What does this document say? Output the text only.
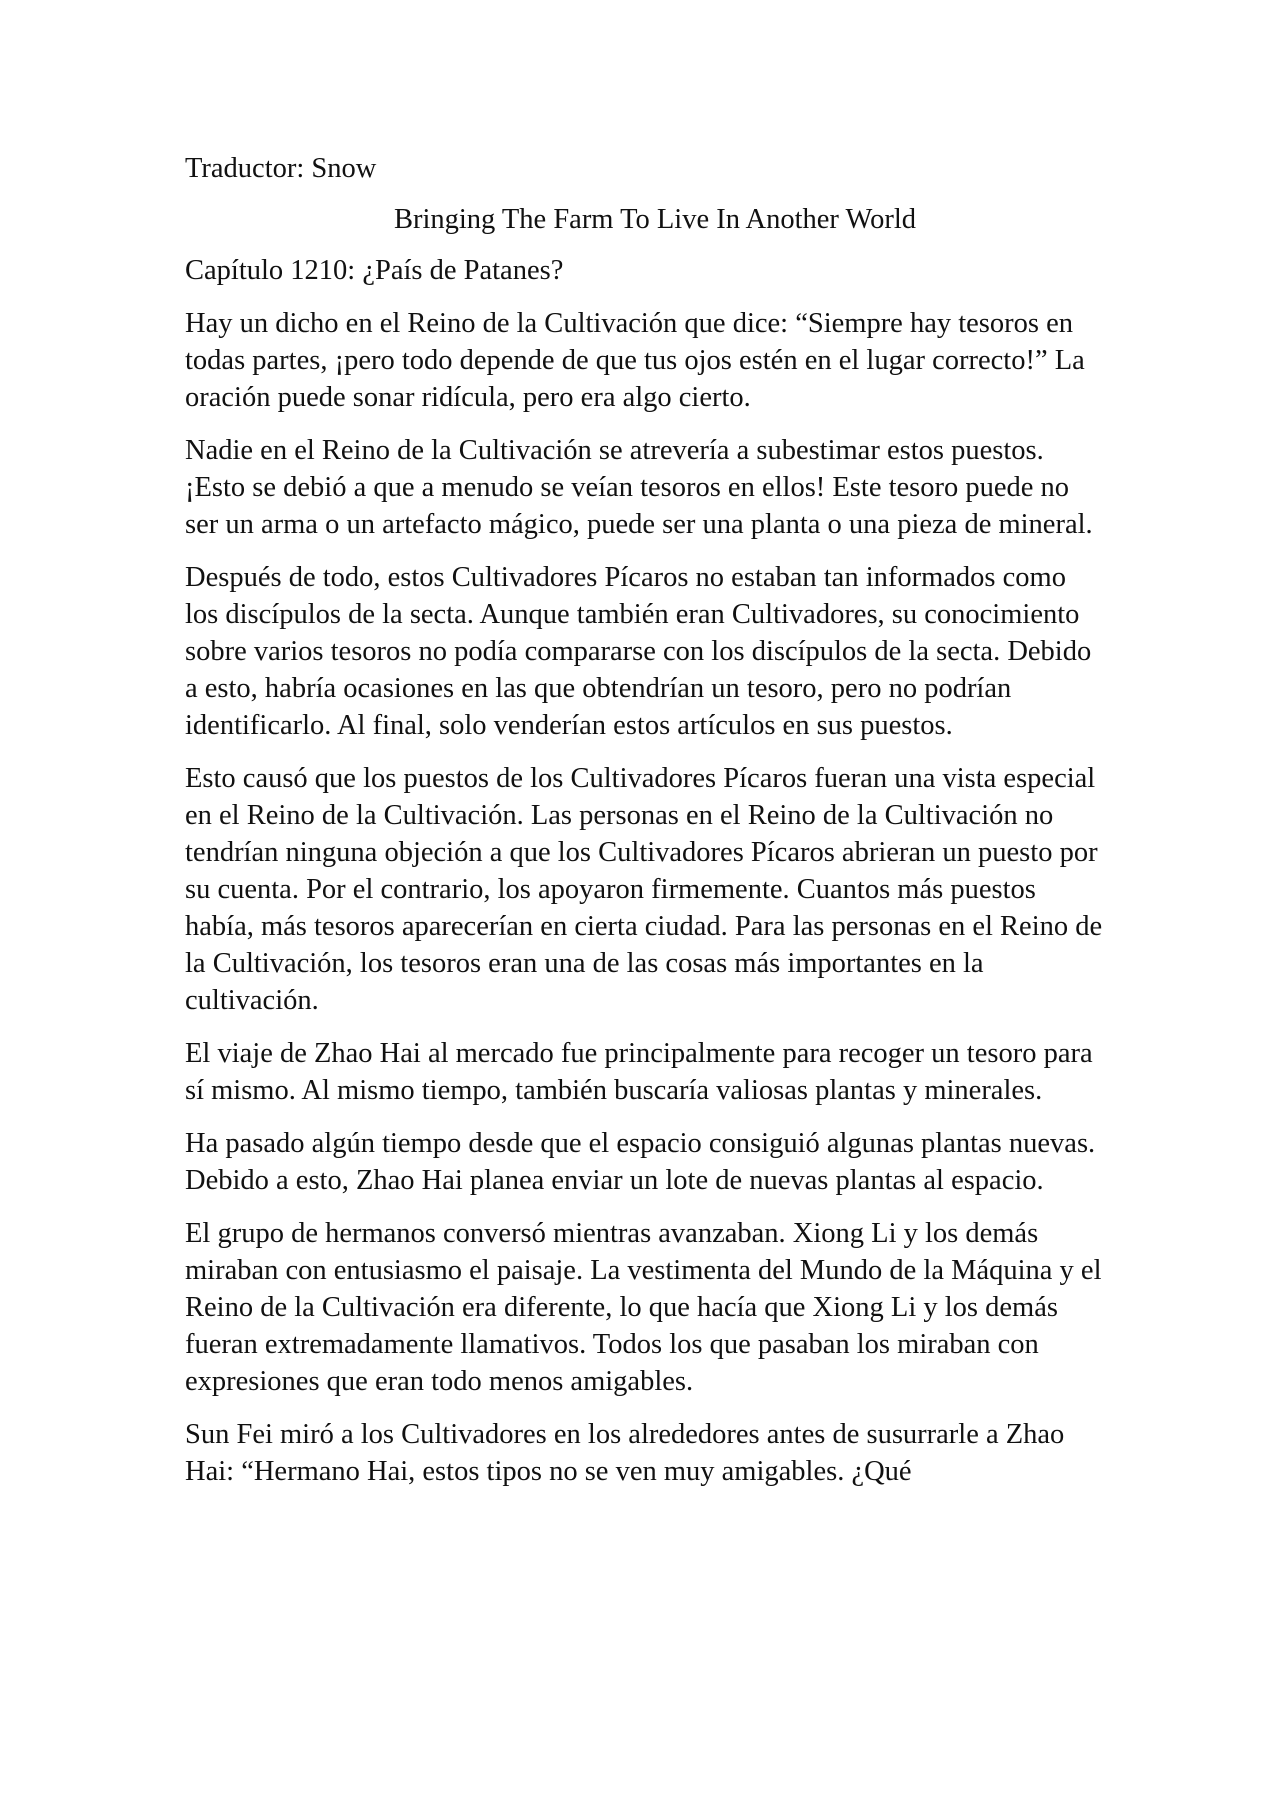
Traductor: Snow

Bringing The Farm To Live In Another World

Capítulo 1210: ¿País de Patanes?

Hay un dicho en el Reino de la Cultivación que dice: “Siempre hay tesoros en todas partes, ¡pero todo depende de que tus ojos estén en el lugar correcto!” La oración puede sonar ridícula, pero era algo cierto.

Nadie en el Reino de la Cultivación se atrevería a subestimar estos puestos. ¡Esto se debió a que a menudo se veían tesoros en ellos! Este tesoro puede no ser un arma o un artefacto mágico, puede ser una planta o una pieza de mineral.

Después de todo, estos Cultivadores Pícaros no estaban tan informados como los discípulos de la secta. Aunque también eran Cultivadores, su conocimiento sobre varios tesoros no podía compararse con los discípulos de la secta. Debido a esto, habría ocasiones en las que obtendrían un tesoro, pero no podrían identificarlo. Al final, solo venderían estos artículos en sus puestos.

Esto causó que los puestos de los Cultivadores Pícaros fueran una vista especial en el Reino de la Cultivación. Las personas en el Reino de la Cultivación no tendrían ninguna objeción a que los Cultivadores Pícaros abrieran un puesto por su cuenta. Por el contrario, los apoyaron firmemente. Cuantos más puestos había, más tesoros aparecerían en cierta ciudad. Para las personas en el Reino de la Cultivación, los tesoros eran una de las cosas más importantes en la cultivación.

El viaje de Zhao Hai al mercado fue principalmente para recoger un tesoro para sí mismo. Al mismo tiempo, también buscaría valiosas plantas y minerales.

Ha pasado algún tiempo desde que el espacio consiguió algunas plantas nuevas. Debido a esto, Zhao Hai planea enviar un lote de nuevas plantas al espacio.

El grupo de hermanos conversó mientras avanzaban. Xiong Li y los demás miraban con entusiasmo el paisaje. La vestimenta del Mundo de la Máquina y el Reino de la Cultivación era diferente, lo que hacía que Xiong Li y los demás fueran extremadamente llamativos. Todos los que pasaban los miraban con expresiones que eran todo menos amigables.

Sun Fei miró a los Cultivadores en los alrededores antes de susurrarle a Zhao Hai: “Hermano Hai, estos tipos no se ven muy amigables. ¿Qué
